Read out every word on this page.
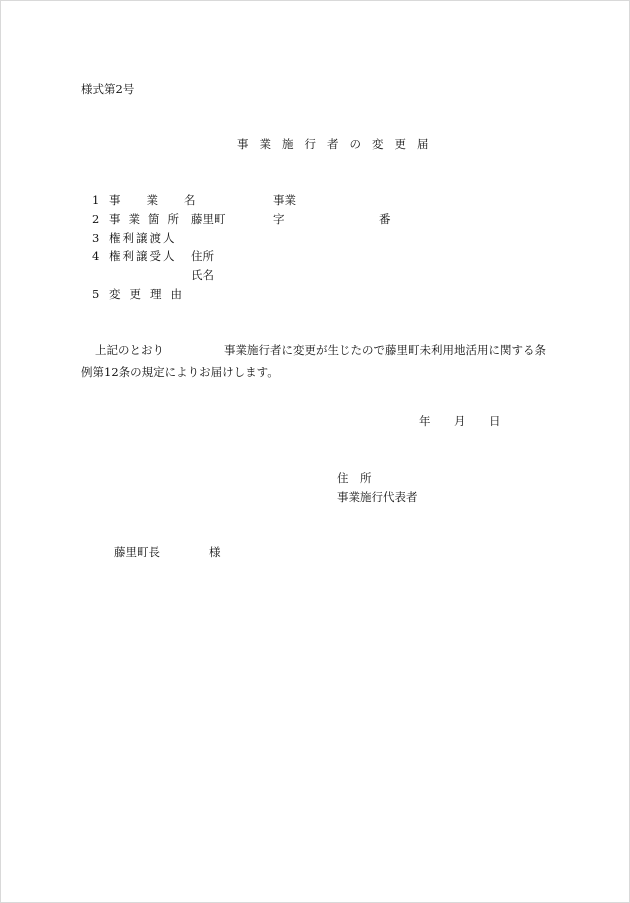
様式第2号
事業施行者の変更届
1 事業名	事業
2 事業箇所 藤里町	字	番
3 権利譲渡人
4 権利譲受人 住所
氏名
5 変更理由
上記のとおり	事業施行者に変更が生じたので藤里町未利用地活用に関する条
例第12条の規定によりお届けします。
年 月 日
住　所
事業施行代表者
藤里町長	様
